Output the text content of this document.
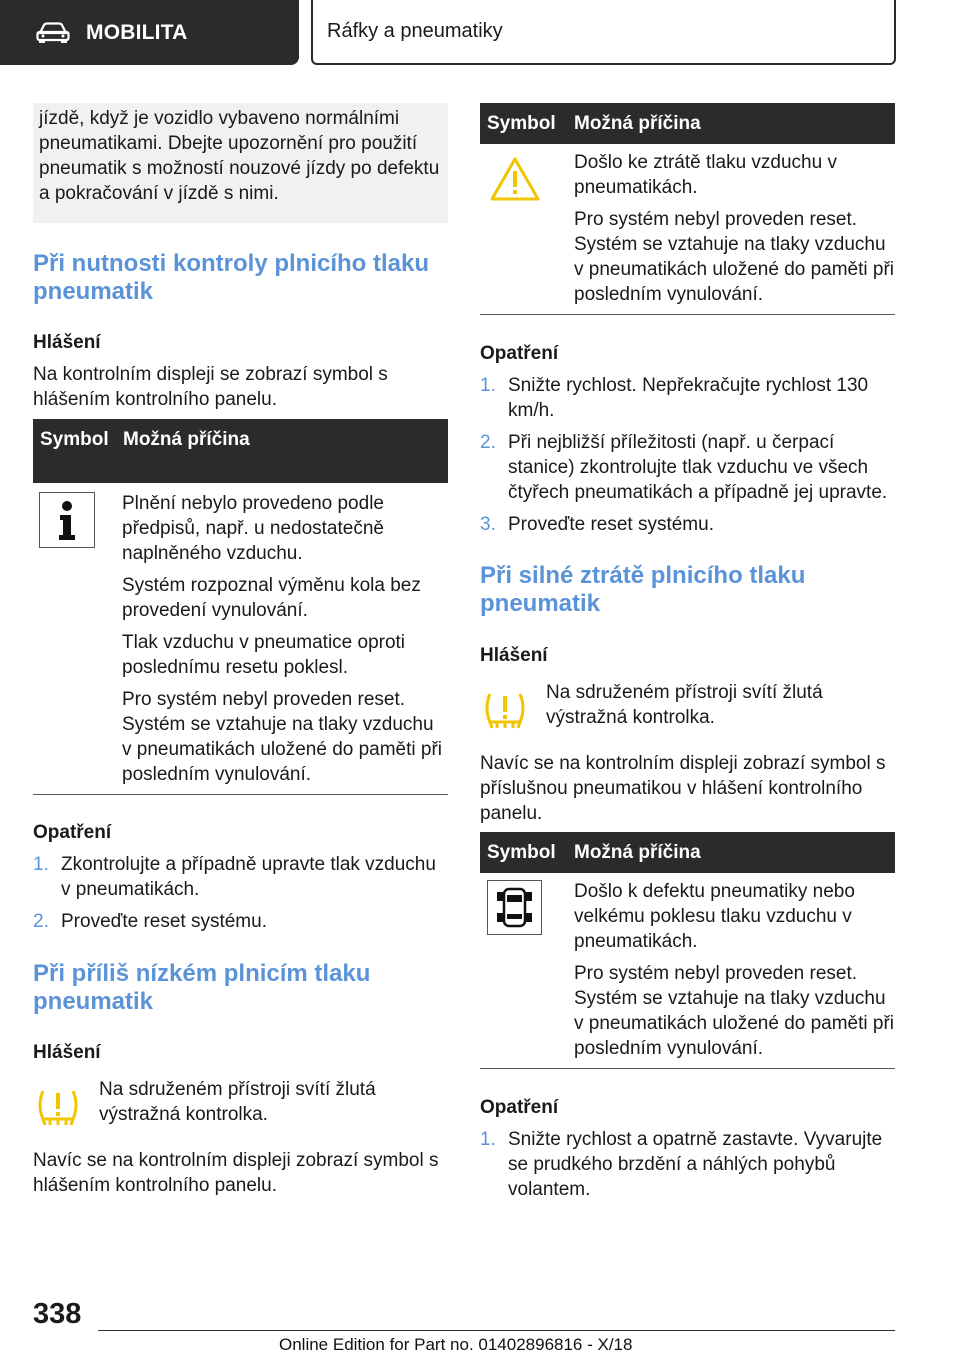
MOBILITA	Ráfky a pneumatiky
jízdě, když je vozidlo vybaveno normálními pneumatikami. Dbejte upozornění pro použití pneumatik s možností nouzové jízdy po defektu a pokračování v jízdě s nimi.
Při nutnosti kontroly plnicího tlaku pneumatik
Hlášení
Na kontrolním displeji se zobrazí symbol s hlášením kontrolního panelu.
Symbol Možná příčina
Plnění nebylo provedeno podle předpisů, např. u nedostatečně naplněného vzduchu.
Systém rozpoznal výměnu kola bez provedení vynulování.
Tlak vzduchu v pneumatice oproti poslednímu resetu poklesl.
Pro systém nebyl proveden reset. Systém se vztahuje na tlaky vzduchu v pneumatikách uložené do paměti při posledním vynulování.
Opatření
1. Zkontrolujte a případně upravte tlak vzduchu v pneumatikách.
2. Proveďte reset systému.
Při příliš nízkém plnicím tlaku pneumatik
Hlášení
Na sdruženém přístroji svítí žlutá výstražná kontrolka.
Navíc se na kontrolním displeji zobrazí symbol s hlášením kontrolního panelu.
Symbol Možná příčina
Došlo ke ztrátě tlaku vzduchu v pneumatikách.
Pro systém nebyl proveden reset. Systém se vztahuje na tlaky vzduchu v pneumatikách uložené do paměti při posledním vynulování.
Opatření
1. Snižte rychlost. Nepřekračujte rychlost 130 km/h.
2. Při nejbližší příležitosti (např. u čerpací stanice) zkontrolujte tlak vzduchu ve všech čtyřech pneumatikách a případně jej upravte.
3. Proveďte reset systému.
Při silné ztrátě plnicího tlaku pneumatik
Hlášení
Na sdruženém přístroji svítí žlutá výstražná kontrolka.
Navíc se na kontrolním displeji zobrazí symbol s příslušnou pneumatikou v hlášení kontrolního panelu.
Symbol Možná příčina
Došlo k defektu pneumatiky nebo velkému poklesu tlaku vzduchu v pneumatikách.
Pro systém nebyl proveden reset. Systém se vztahuje na tlaky vzduchu v pneumatikách uložené do paměti při posledním vynulování.
Opatření
1. Snižte rychlost a opatrně zastavte. Vyvarujte se prudkého brzdění a náhlých pohybů volantem.
338
Online Edition for Part no. 01402896816 - X/18
